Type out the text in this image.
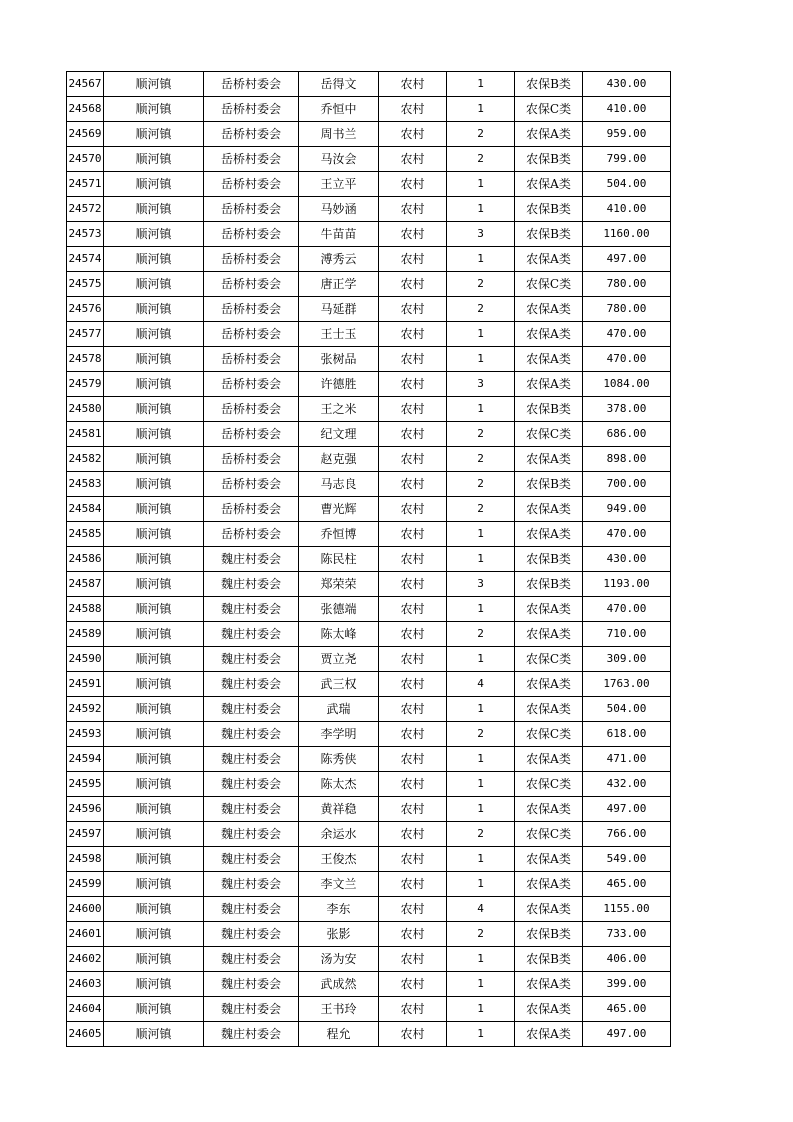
24567	顺河镇	岳桥村委会	岳得文	农村	1	农保B类	430.00
24568	顺河镇	岳桥村委会	乔恒中	农村	1	农保C类	410.00
24569	顺河镇	岳桥村委会	周书兰	农村	2	农保A类	959.00
24570	顺河镇	岳桥村委会	马汝会	农村	2	农保B类	799.00
24571	顺河镇	岳桥村委会	王立平	农村	1	农保A类	504.00
24572	顺河镇	岳桥村委会	马妙涵	农村	1	农保B类	410.00
24573	顺河镇	岳桥村委会	牛苗苗	农村	3	农保B类	1160.00
24574	顺河镇	岳桥村委会	溥秀云	农村	1	农保A类	497.00
24575	顺河镇	岳桥村委会	唐正学	农村	2	农保C类	780.00
24576	顺河镇	岳桥村委会	马延群	农村	2	农保A类	780.00
24577	顺河镇	岳桥村委会	王士玉	农村	1	农保A类	470.00
24578	顺河镇	岳桥村委会	张树品	农村	1	农保A类	470.00
24579	顺河镇	岳桥村委会	许德胜	农村	3	农保A类	1084.00
24580	顺河镇	岳桥村委会	王之米	农村	1	农保B类	378.00
24581	顺河镇	岳桥村委会	纪文理	农村	2	农保C类	686.00
24582	顺河镇	岳桥村委会	赵克强	农村	2	农保A类	898.00
24583	顺河镇	岳桥村委会	马志良	农村	2	农保B类	700.00
24584	顺河镇	岳桥村委会	曹光辉	农村	2	农保A类	949.00
24585	顺河镇	岳桥村委会	乔恒博	农村	1	农保A类	470.00
24586	顺河镇	魏庄村委会	陈民柱	农村	1	农保B类	430.00
24587	顺河镇	魏庄村委会	郑荣荣	农村	3	农保B类	1193.00
24588	顺河镇	魏庄村委会	张德端	农村	1	农保A类	470.00
24589	顺河镇	魏庄村委会	陈太峰	农村	2	农保A类	710.00
24590	顺河镇	魏庄村委会	贾立尧	农村	1	农保C类	309.00
24591	顺河镇	魏庄村委会	武三权	农村	4	农保A类	1763.00
24592	顺河镇	魏庄村委会	武瑞	农村	1	农保A类	504.00
24593	顺河镇	魏庄村委会	李学明	农村	2	农保C类	618.00
24594	顺河镇	魏庄村委会	陈秀侠	农村	1	农保A类	471.00
24595	顺河镇	魏庄村委会	陈太杰	农村	1	农保C类	432.00
24596	顺河镇	魏庄村委会	黄祥稳	农村	1	农保A类	497.00
24597	顺河镇	魏庄村委会	余运水	农村	2	农保C类	766.00
24598	顺河镇	魏庄村委会	王俊杰	农村	1	农保A类	549.00
24599	顺河镇	魏庄村委会	李文兰	农村	1	农保A类	465.00
24600	顺河镇	魏庄村委会	李东	农村	4	农保A类	1155.00
24601	顺河镇	魏庄村委会	张影	农村	2	农保B类	733.00
24602	顺河镇	魏庄村委会	汤为安	农村	1	农保B类	406.00
24603	顺河镇	魏庄村委会	武成然	农村	1	农保A类	399.00
24604	顺河镇	魏庄村委会	王书玲	农村	1	农保A类	465.00
24605	顺河镇	魏庄村委会	程允	农村	1	农保A类	497.00
